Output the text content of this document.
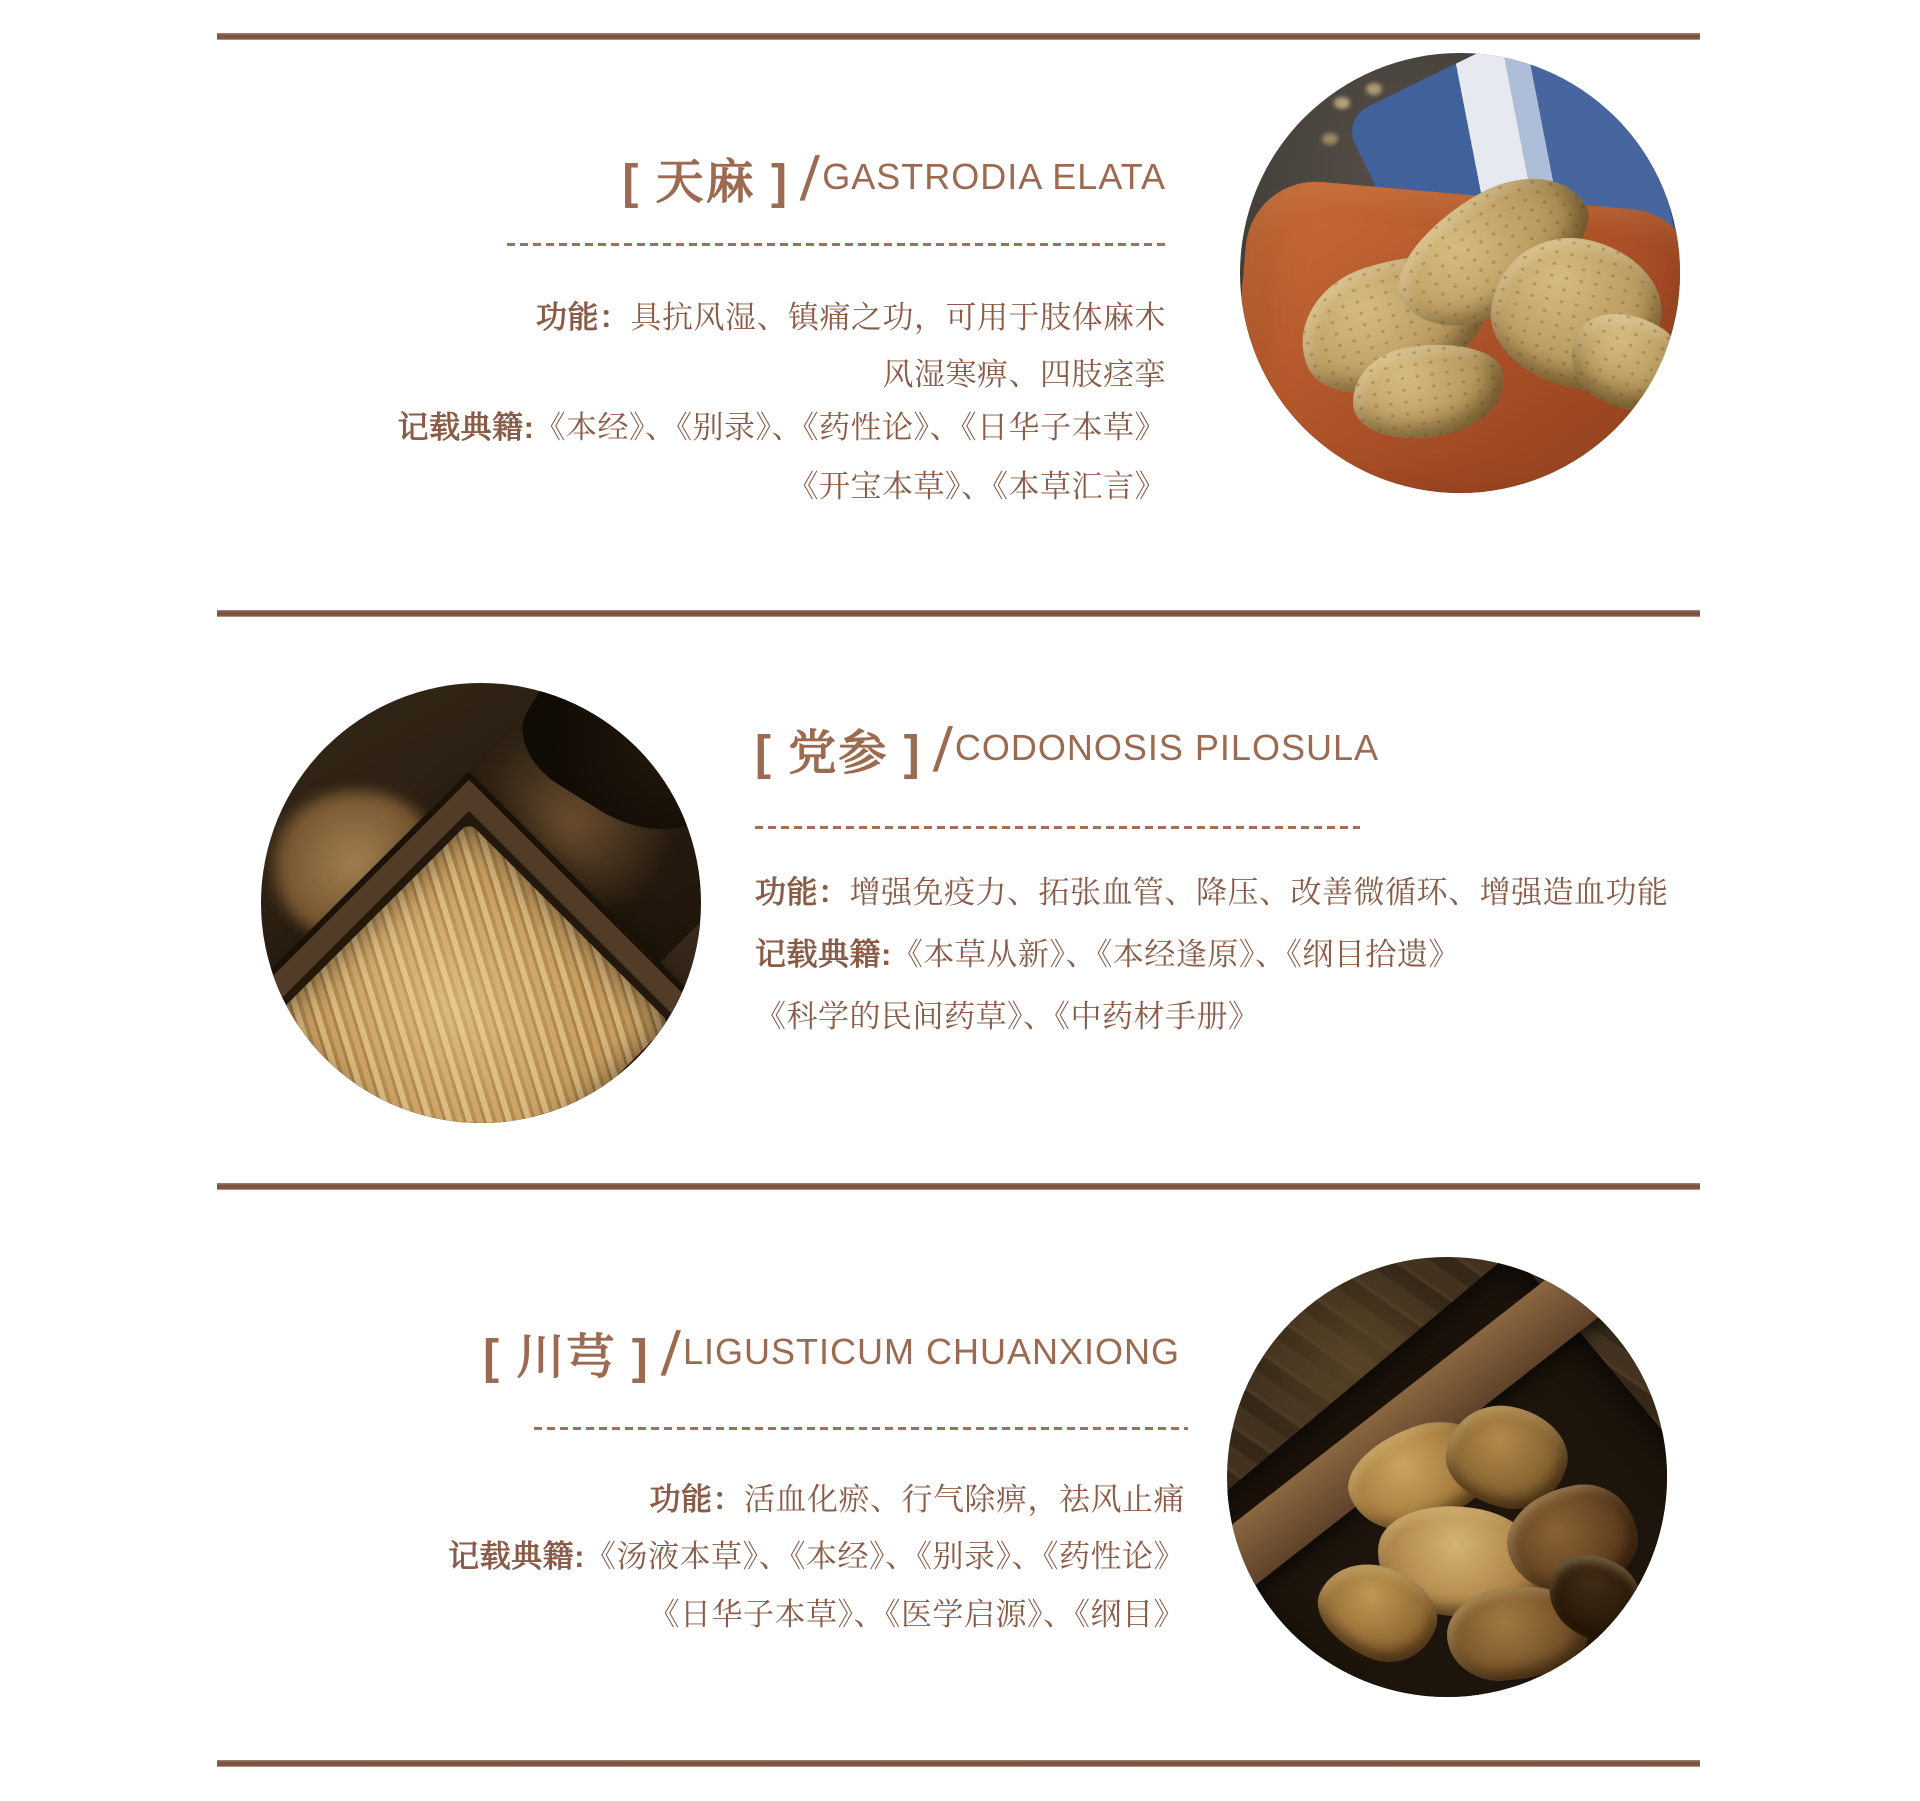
[ 天麻 ] / GASTRODIA ELATA
功能：具抗风湿、镇痛之功，可用于肢体麻木
风湿寒痹、四肢痉挛
记载典籍:《本经》、《别录》、《药性论》、《日华子本草》
《开宝本草》、《本草汇言》
[ 党参 ] / CODONOSIS PILOSULA
功能：增强免疫力、拓张血管、降压、改善微循环、增强造血功能
记载典籍:《本草从新》、《本经逢原》、《纲目拾遗》
《科学的民间药草》、《中药材手册》
[ 川芎 ] / LIGUSTICUM CHUANXIONG
功能：活血化瘀、行气除痹，祛风止痛
记载典籍:《汤液本草》、《本经》、《别录》、《药性论》
《日华子本草》、《医学启源》、《纲目》
